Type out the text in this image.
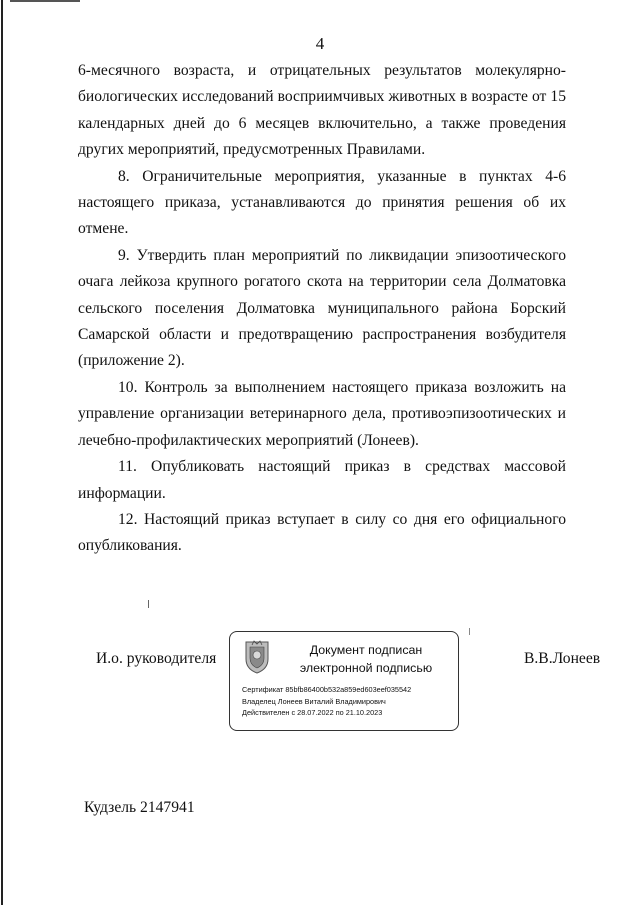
4

6-месячного возраста, и отрицательных результатов молекулярно-биологических исследований восприимчивых животных в возрасте от 15 календарных дней до 6 месяцев включительно, а также проведения других мероприятий, предусмотренных Правилами.

8. Ограничительные мероприятия, указанные в пунктах 4-6 настоящего приказа, устанавливаются до принятия решения об их отмене.

9. Утвердить план мероприятий по ликвидации эпизоотического очага лейкоза крупного рогатого скота на территории села Долматовка сельского поселения Долматовка муниципального района Борский Самарской области и предотвращению распространения возбудителя (приложение 2).

10. Контроль за выполнением настоящего приказа возложить на управление организации ветеринарного дела, противоэпизоотических и лечебно-профилактических мероприятий (Лонеев).

11. Опубликовать настоящий приказ в средствах массовой информации.

12. Настоящий приказ вступает в силу со дня его официального опубликования.

И.о. руководителя	Документ подписан
электронной подписью
Сертификат 85bfb86400b532a859ed603eef035542
Владелец Лонеев Виталий Владимирович
Действителен с 28.07.2022 по 21.10.2023
В.В.Лонеев
Кудзель 2147941
